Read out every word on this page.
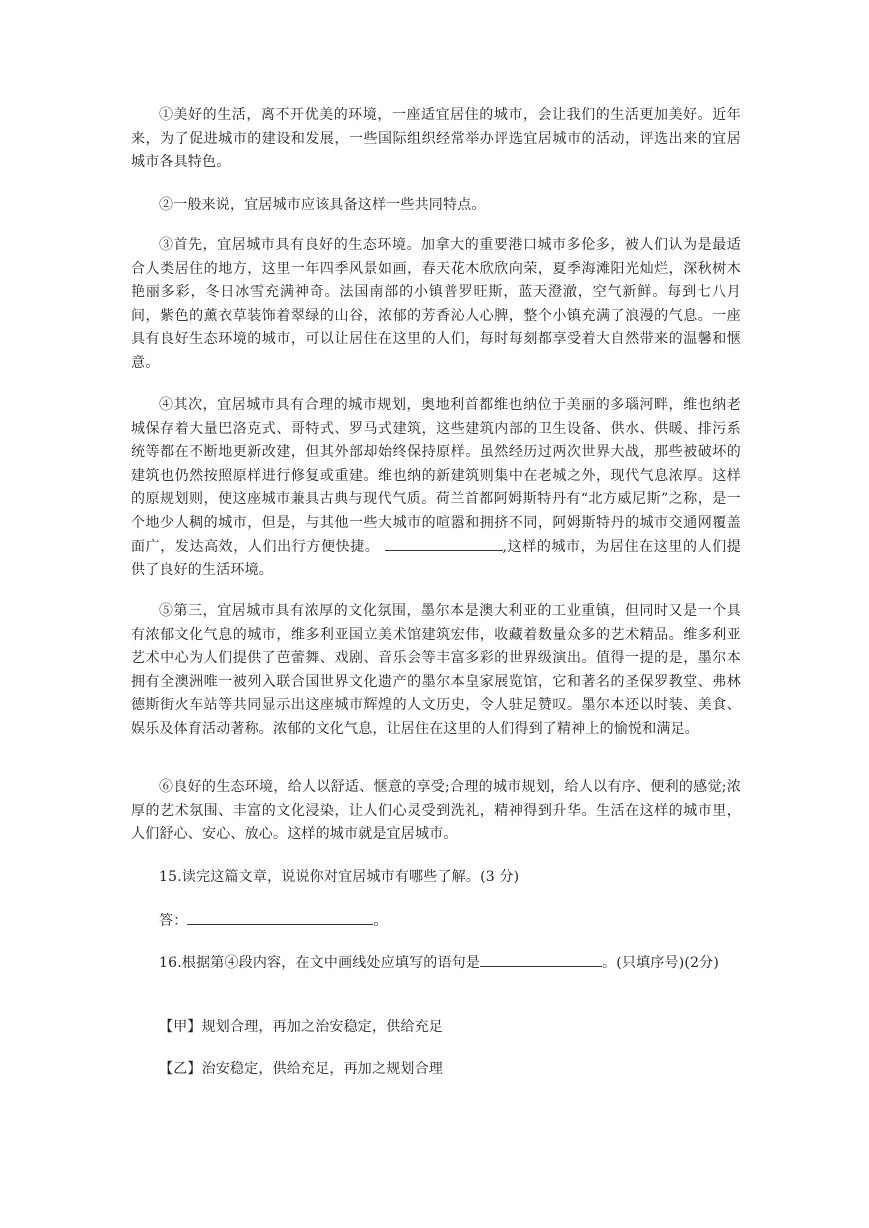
①美好的生活，离不开优美的环境，一座适宜居住的城市，会让我们的生活更加美好。近年来，为了促进城市的建设和发展，一些国际组织经常举办评选宜居城市的活动，评选出来的宜居城市各具特色。

②一般来说，宜居城市应该具备这样一些共同特点。

③首先，宜居城市具有良好的生态环境。加拿大的重要港口城市多伦多，被人们认为是最适合人类居住的地方，这里一年四季风景如画，春天花木欣欣向荣，夏季海滩阳光灿烂，深秋树木艳丽多彩，冬日冰雪充满神奇。法国南部的小镇普罗旺斯，蓝天澄澈，空气新鲜。每到七八月间，紫色的薰衣草装饰着翠绿的山谷，浓郁的芳香沁人心脾，整个小镇充满了浪漫的气息。一座具有良好生态环境的城市，可以让居住在这里的人们，每时每刻都享受着大自然带来的温馨和惬意。

④其次，宜居城市具有合理的城市规划，奥地利首都维也纳位于美丽的多瑙河畔，维也纳老城保存着大量巴洛克式、哥特式、罗马式建筑，这些建筑内部的卫生设备、供水、供暖、排污系统等都在不断地更新改建，但其外部却始终保持原样。虽然经历过两次世界大战，那些被破坏的建筑也仍然按照原样进行修复或重建。维也纳的新建筑则集中在老城之外，现代气息浓厚。这样的原规划则，使这座城市兼具古典与现代气质。荷兰首都阿姆斯特丹有“北方威尼斯”之称，是一个地少人稠的城市，但是，与其他一些大城市的喧嚣和拥挤不同，阿姆斯特丹的城市交通网覆盖面广，发达高效，人们出行方便快捷。	,这样的城市，为居住在这里的人们提供了良好的生活环境。

⑤第三，宜居城市具有浓厚的文化氛围，墨尔本是澳大利亚的工业重镇，但同时又是一个具有浓郁文化气息的城市，维多利亚国立美术馆建筑宏伟，收藏着数量众多的艺术精品。维多利亚艺术中心为人们提供了芭蕾舞、戏剧、音乐会等丰富多彩的世界级演出。值得一提的是，墨尔本拥有全澳洲唯一被列入联合国世界文化遗产的墨尔本皇家展览馆，它和著名的圣保罗教堂、弗林德斯街火车站等共同显示出这座城市辉煌的人文历史，令人驻足赞叹。墨尔本还以时装、美食、娱乐及体育活动著称。浓郁的文化气息，让居住在这里的人们得到了精神上的愉悦和满足。

⑥良好的生态环境，给人以舒适、惬意的享受;合理的城市规划，给人以有序、便利的感觉;浓厚的艺术氛围、丰富的文化浸染，让人们心灵受到洗礼，精神得到升华。生活在这样的城市里，人们舒心、安心、放心。这样的城市就是宜居城市。

15.读完这篇文章，说说你对宜居城市有哪些了解。(3 分)

答：	。

16.根据第④段内容，在文中画线处应填写的语句是	。(只填序号)(2分)

【甲】规划合理，再加之治安稳定，供给充足

【乙】治安稳定，供给充足，再加之规划合理
